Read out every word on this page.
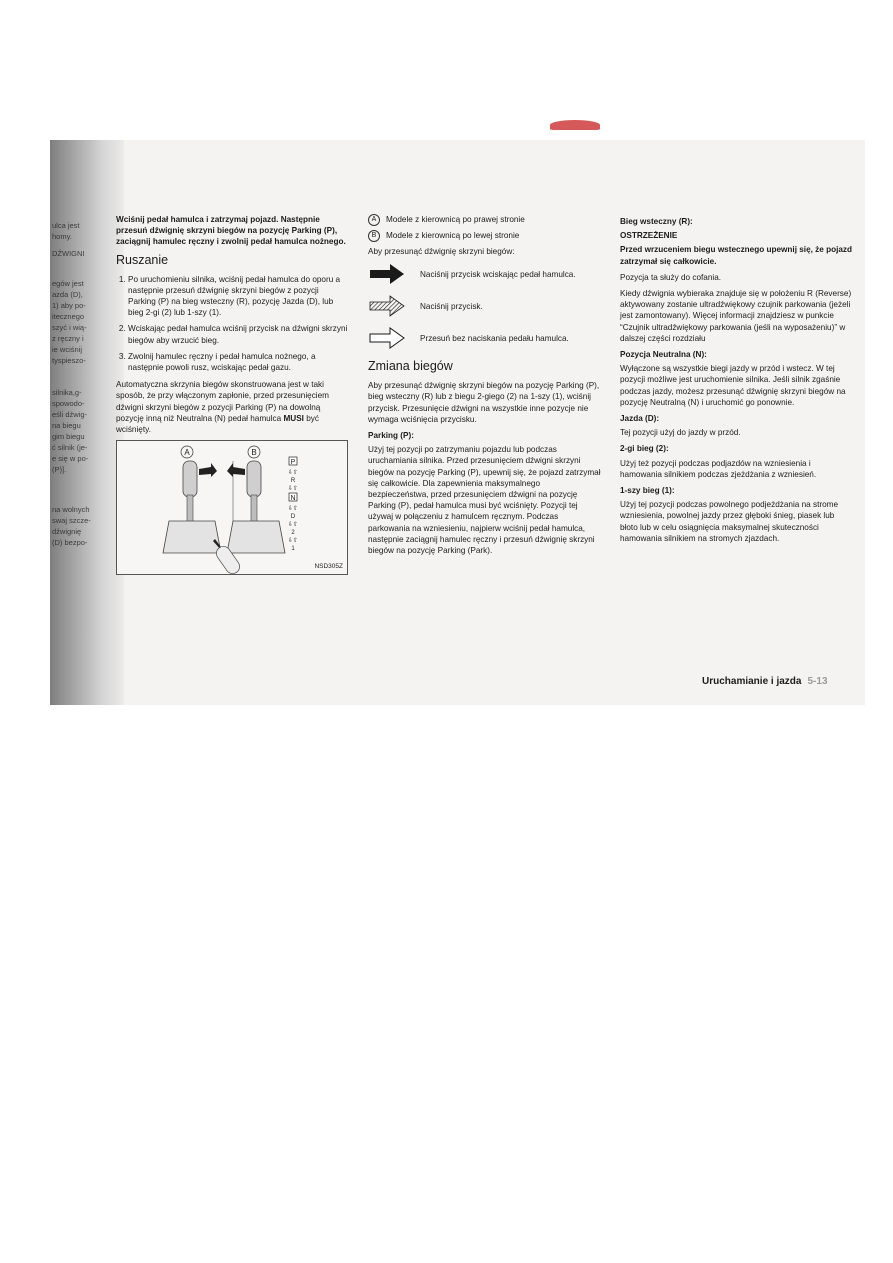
ulca jest
homy.
DŹWIGNI
egów jest
azda (D),
1) aby po-
itecznego
szyć i wią-
z ręczny i
ie wciśnij
tyspieszo-
silnika,g-
spowodo-
eśli dźwig-
na biegu
gim biegu
ć silnik (je-
e się w po-
(P)].
na wolnych
swaj szcze-
dźwignię
(D) bezpo-

Wciśnij pedał hamulca i zatrzymaj pojazd. Następnie przesuń dźwignię skrzyni biegów na pozycję Parking (P), zaciągnij hamulec ręczny i zwolnij pedał hamulca nożnego.

Ruszanie
1. Po uruchomieniu silnika, wciśnij pedał hamulca do oporu a następnie przesuń dźwignię skrzyni biegów z pozycji Parking (P) na bieg wsteczny (R), pozycję Jazda (D), lub bieg 2-gi (2) lub 1-szy (1).
2. Wciskając pedał hamulca wciśnij przycisk na dźwigni skrzyni biegów aby wrzucić bieg.
3. Zwolnij hamulec ręczny i pedał hamulca nożnego, a następnie powoli rusz, wciskając pedał gazu.

Automatyczna skrzynia biegów skonstruowana jest w taki sposób, że przy włączonym zapłonie, przed przesunięciem dźwigni skrzyni biegów z pozycji Parking (P) na dowolną pozycję inną niż Neutralna (N) pedał hamulca MUSI być wciśnięty.

A	B
P
⇩⇧
R
⇩⇧
N
⇩⇧
D
⇩⇧
2
⇩⇧
1
NSD305Z
A	Modele z kierownicą po prawej stronie
B	Modele z kierownicą po lewej stronie

Aby przesunąć dźwignię skrzyni biegów:

Naciśnij przycisk wciskając pedał hamulca.
Naciśnij przycisk.
Przesuń bez naciskania pedału hamulca.
Zmiana biegów

Aby przesunąć dźwignię skrzyni biegów na pozycję Parking (P), bieg wsteczny (R) lub z biegu 2-giego (2) na 1-szy (1), wciśnij przycisk. Przesunięcie dźwigni na wszystkie inne pozycje nie wymaga wciśnięcia przycisku.

Parking (P):

Użyj tej pozycji po zatrzymaniu pojazdu lub podczas uruchamiania silnika. Przed przesunięciem dźwigni skrzyni biegów na pozycję Parking (P), upewnij się, że pojazd zatrzymał się całkowicie. Dla zapewnienia maksymalnego bezpieczeństwa, przed przesunięciem dźwigni na pozycję Parking (P), pedał hamulca musi być wciśnięty. Pozycji tej używaj w połączeniu z hamulcem ręcznym. Podczas parkowania na wzniesieniu, najpierw wciśnij pedał hamulca, następnie zaciągnij hamulec ręczny i przesuń dźwignię skrzyni biegów na pozycję Parking (Park).

Bieg wsteczny (R):
OSTRZEŻENIE

Przed wrzuceniem biegu wstecznego upewnij się, że pojazd zatrzymał się całkowicie.

Pozycja ta służy do cofania.

Kiedy dźwignia wybieraka znajduje się w położeniu R (Reverse) aktywowany zostanie ultradźwiękowy czujnik parkowania (jeżeli jest zamontowany). Więcej informacji znajdziesz w punkcie “Czujnik ultradźwiękowy parkowania (jeśli na wyposażeniu)” w dalszej części rozdziału

Pozycja Neutralna (N):

Wyłączone są wszystkie biegi jazdy w przód i wstecz. W tej pozycji możliwe jest uruchomienie silnika. Jeśli silnik zgaśnie podczas jazdy, możesz przesunąć dźwignię skrzyni biegów na pozycję Neutralną (N) i uruchomić go ponownie.

Jazda (D):

Tej pozycji użyj do jazdy w przód.

2-gi bieg (2):

Użyj też pozycji podczas podjazdów na wzniesienia i hamowania silnikiem podczas zjeżdżania z wzniesień.

1-szy bieg (1):

Użyj tej pozycji podczas powolnego podjeżdżania na strome wzniesienia, powolnej jazdy przez głęboki śnieg, piasek lub błoto lub w celu osiągnięcia maksymalnej skuteczności hamowania silnikiem na stromych zjazdach.

Uruchamianie i jazda 5-13
